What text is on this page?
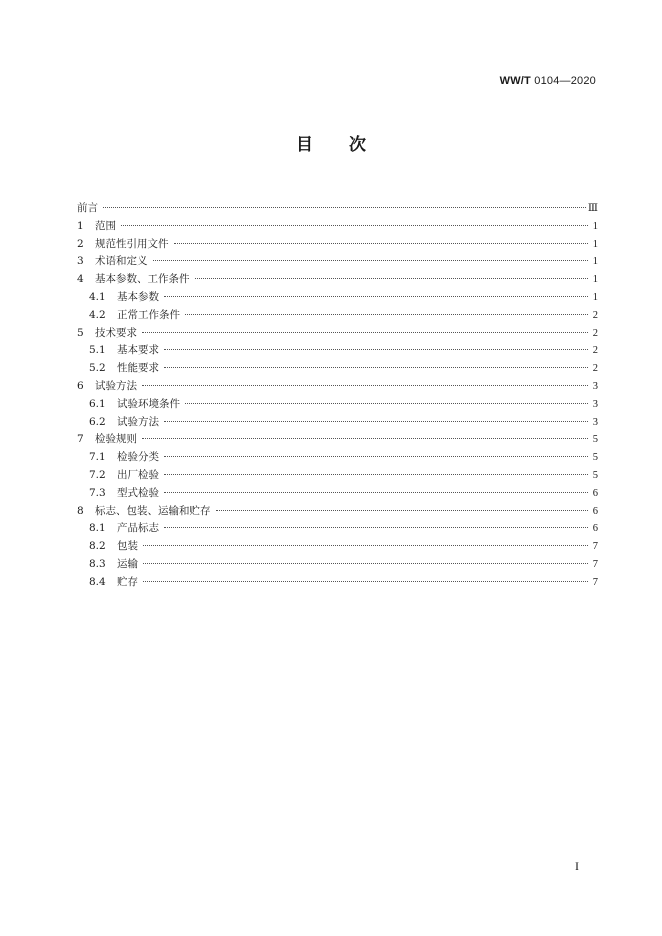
WW/T 0104—2020
目 次
前言	Ⅲ
1	范围	1
2	规范性引用文件	1
3	术语和定义	1
4	基本参数、工作条件	1
4.1	基本参数	1
4.2	正常工作条件	2
5	技术要求	2
5.1	基本要求	2
5.2	性能要求	2
6	试验方法	3
6.1	试验环境条件	3
6.2	试验方法	3
7	检验规则	5
7.1	检验分类	5
7.2	出厂检验	5
7.3	型式检验	6
8	标志、包装、运输和贮存	6
8.1	产品标志	6
8.2	包装	7
8.3	运输	7
8.4	贮存	7
I
